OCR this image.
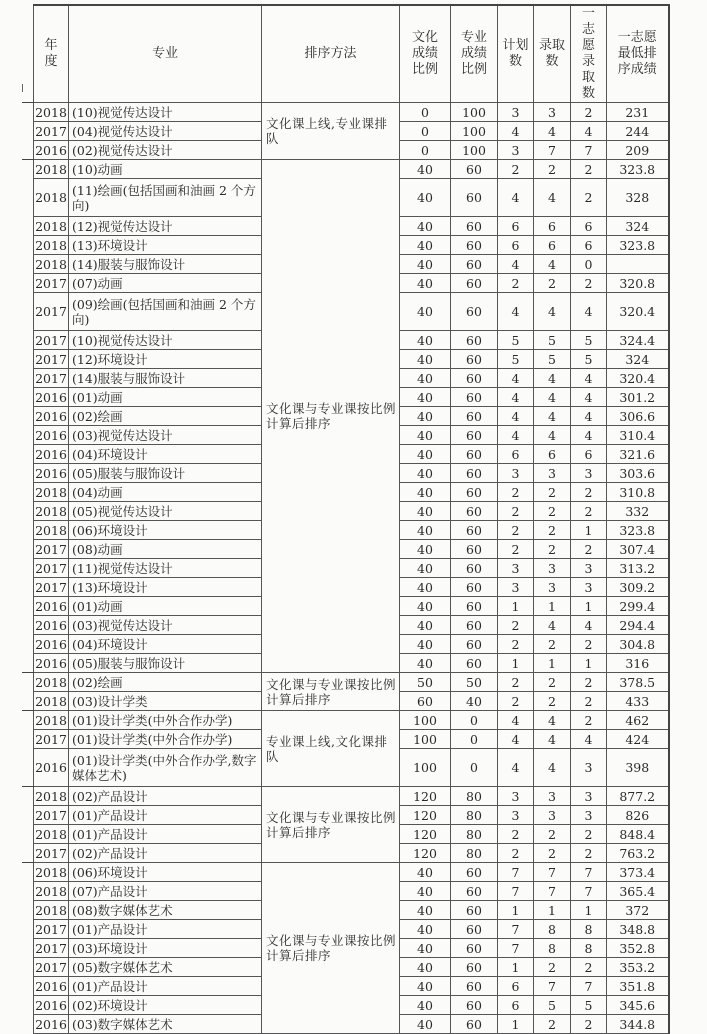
年度	专业	排序方法	文化成绩比例	专业成绩比例	计划数	录取数	一志愿录取数	一志愿最低排序成绩
2018	(10)视觉传达设计	文化课上线,专业课排队	0	100	3	3	2	231
2017	(04)视觉传达设计		0	100	4	4	4	244
2016	(02)视觉传达设计		0	100	3	7	7	209
2018	(10)动画	文化课与专业课按比例计算后排序	40	60	2	2	2	323.8
2018	(11)绘画(包括国画和油画 2 个方向)		40	60	4	4	2	328
2018	(12)视觉传达设计		40	60	6	6	6	324
2018	(13)环境设计		40	60	6	6	6	323.8
2018	(14)服装与服饰设计		40	60	4	4	0	
2017	(07)动画		40	60	2	2	2	320.8
2017	(09)绘画(包括国画和油画 2 个方向)		40	60	4	4	4	320.4
2017	(10)视觉传达设计		40	60	5	5	5	324.4
2017	(12)环境设计		40	60	5	5	5	324
2017	(14)服装与服饰设计		40	60	4	4	4	320.4
2016	(01)动画		40	60	4	4	4	301.2
2016	(02)绘画		40	60	4	4	4	306.6
2016	(03)视觉传达设计		40	60	4	4	4	310.4
2016	(04)环境设计		40	60	6	6	6	321.6
2016	(05)服装与服饰设计		40	60	3	3	3	303.6
2018	(04)动画		40	60	2	2	2	310.8
2018	(05)视觉传达设计		40	60	2	2	2	332
2018	(06)环境设计		40	60	2	2	1	323.8
2017	(08)动画		40	60	2	2	2	307.4
2017	(11)视觉传达设计		40	60	3	3	3	313.2
2017	(13)环境设计		40	60	3	3	3	309.2
2016	(01)动画		40	60	1	1	1	299.4
2016	(03)视觉传达设计		40	60	2	4	4	294.4
2016	(04)环境设计		40	60	2	2	2	304.8
2016	(05)服装与服饰设计		40	60	1	1	1	316
2018	(02)绘画	文化课与专业课按比例计算后排序	50	50	2	2	2	378.5
2018	(03)设计学类		60	40	2	2	2	433
2018	(01)设计学类(中外合作办学)	专业课上线,文化课排队	100	0	4	4	2	462
2017	(01)设计学类(中外合作办学)		100	0	4	4	4	424
2016	(01)设计学类(中外合作办学,数字媒体艺术)		100	0	4	4	3	398
2018	(02)产品设计	文化课与专业课按比例计算后排序	120	80	3	3	3	877.2
2017	(01)产品设计		120	80	3	3	3	826
2018	(01)产品设计		120	80	2	2	2	848.4
2017	(02)产品设计		120	80	2	2	2	763.2
2018	(06)环境设计	文化课与专业课按比例计算后排序	40	60	7	7	7	373.4
2018	(07)产品设计		40	60	7	7	7	365.4
2018	(08)数字媒体艺术		40	60	1	1	1	372
2017	(01)产品设计		40	60	7	8	8	348.8
2017	(03)环境设计		40	60	7	8	8	352.8
2017	(05)数字媒体艺术		40	60	1	2	2	353.2
2016	(01)产品设计		40	60	6	7	7	351.8
2016	(02)环境设计		40	60	6	5	5	345.6
2016	(03)数字媒体艺术		40	60	1	2	2	344.8
